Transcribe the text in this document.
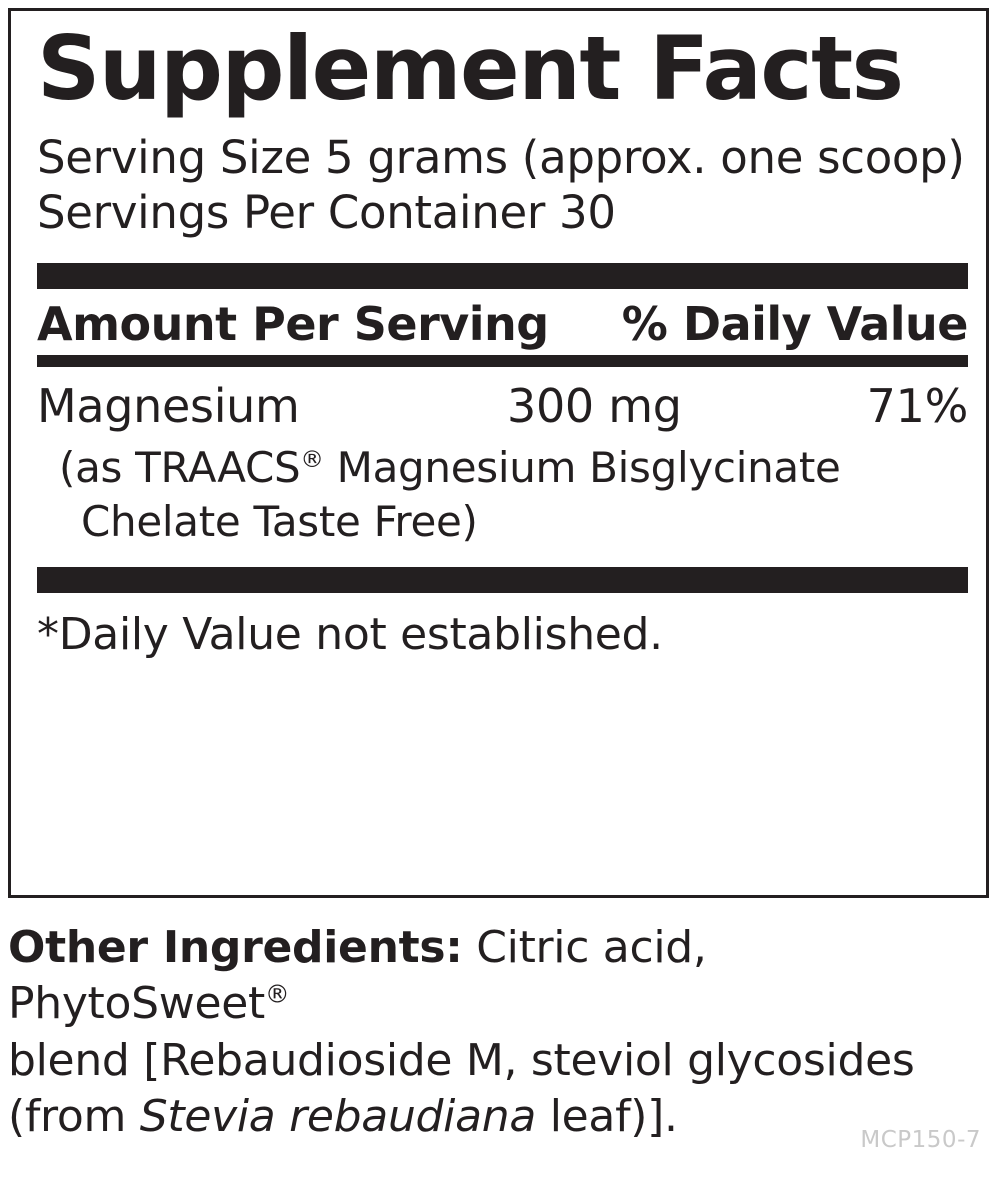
Supplement Facts
Serving Size 5 grams (approx. one scoop)
Servings Per Container 30
Amount Per Serving % Daily Value
Magnesium	300 mg	71%
(as TRAACS® Magnesium Bisglycinate
Chelate Taste Free)
*Daily Value not established.
Other Ingredients: Citric acid, PhytoSweet®
blend [Rebaudioside M, steviol glycosides
(from Stevia rebaudiana leaf)].	MCP150-7
